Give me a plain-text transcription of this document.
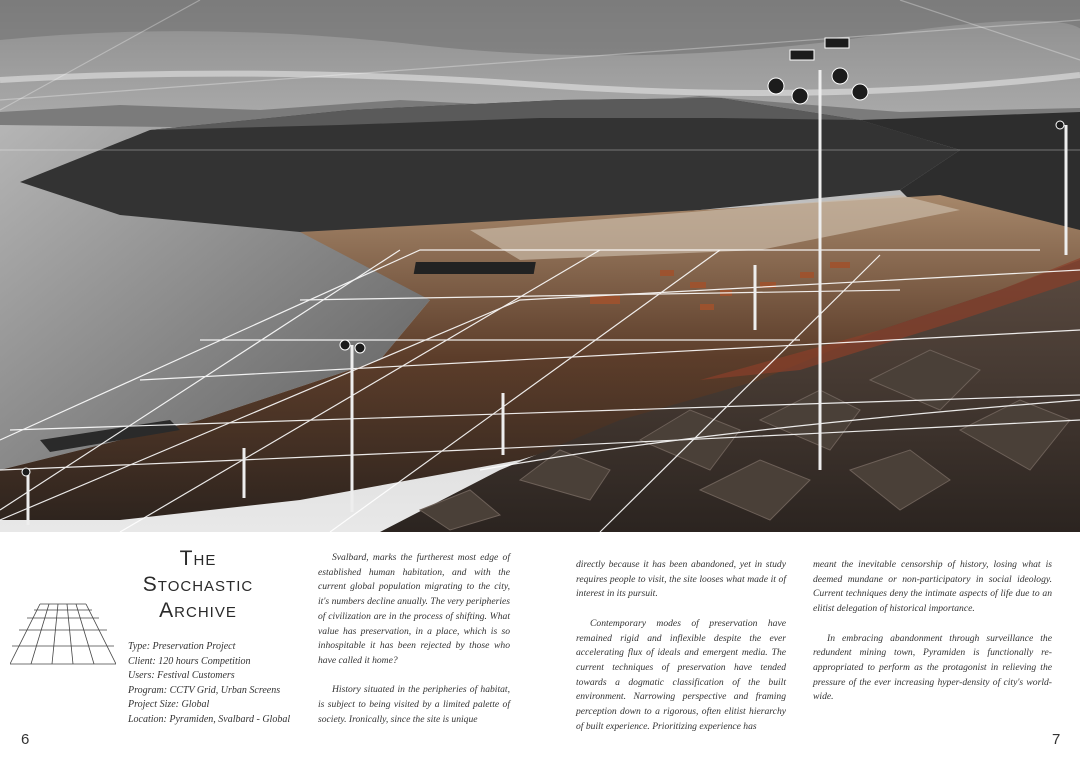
The
Stochastic
Archive
Type: Preservation Project
Client: 120 hours Competition
Users: Festival Customers
Program: CCTV Grid, Urban Screens
Project Size: Global
Location: Pyramiden, Svalbard - Global

Svalbard, marks the furtherest most edge of established human habitation, and with the current global population migrating to the city, it's numbers decline anually. The very peripheries of civilization are in the process of shifting. What value has preservation, in a place, which is so inhospitable it has been rejected by those who have called it home?

History situated in the peripheries of habitat, is subject to being visited by a limited palette of society. Ironically, since the site is unique

6

directly because it has been abandoned, yet in study requires people to visit, the site looses what made it of interest in its pursuit.

Contemporary modes of preservation have remained rigid and inflexible despite the ever accelerating flux of ideals and emergent media. The current techniques of preservation have tended towards a dogmatic classification of the built environment. Narrowing perspective and framing perception down to a rigorous, often elitist hierarchy of built experience. Prioritizing experience has

meant the inevitable censorship of history, losing what is deemed mundane or non-participatory in social ideology. Current techniques deny the intimate aspects of life due to an elitist delegation of historical importance.

In embracing abandonment through surveillance the redundent mining town, Pyramiden is functionally re-appropriated to perform as the protagonist in relieving the pressure of the ever increasing hyper-density of city's world-wide.

7
